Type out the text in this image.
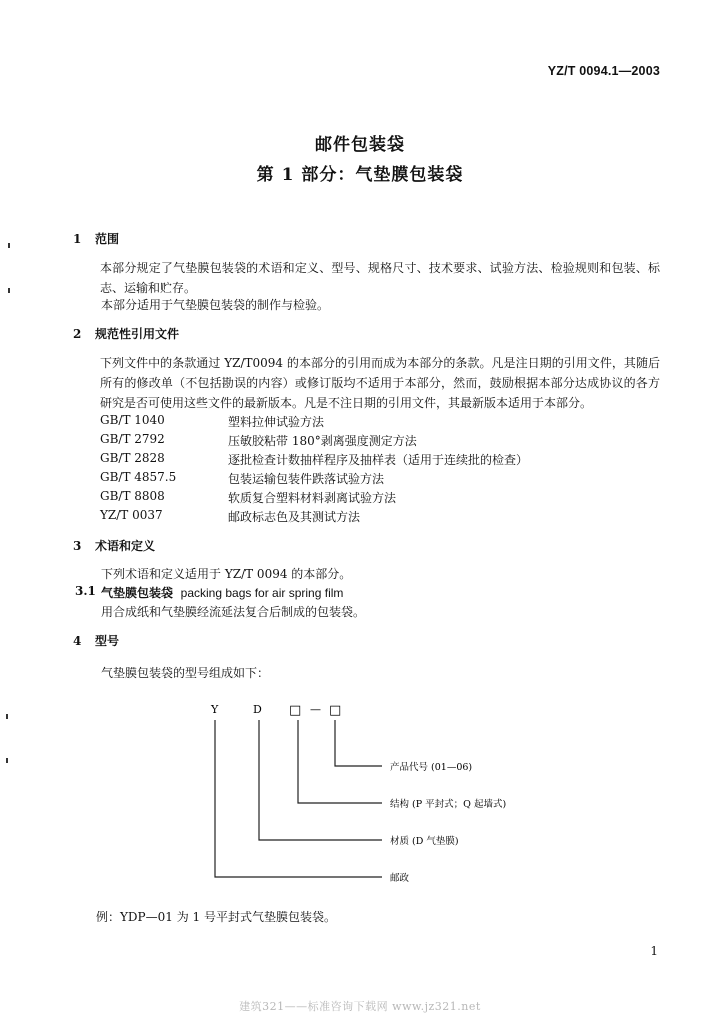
YZ/T 0094.1—2003
邮件包装袋
第 1 部分：气垫膜包装袋
1 范围
本部分规定了气垫膜包装袋的术语和定义、型号、规格尺寸、技术要求、试验方法、检验规则和包装、标志、运输和贮存。
本部分适用于气垫膜包装袋的制作与检验。
2 规范性引用文件
下列文件中的条款通过 YZ/T0094 的本部分的引用而成为本部分的条款。凡是注日期的引用文件，其随后所有的修改单（不包括勘误的内容）或修订版均不适用于本部分，然而，鼓励根据本部分达成协议的各方研究是否可使用这些文件的最新版本。凡是不注日期的引用文件，其最新版本适用于本部分。
GB/T 1040	塑料拉伸试验方法
GB/T 2792	压敏胶粘带 180°剥离强度测定方法
GB/T 2828	逐批检查计数抽样程序及抽样表（适用于连续批的检查）
GB/T 4857.5	包装运输包装件跌落试验方法
GB/T 8808	软质复合塑料材料剥离试验方法
YZ/T 0037	邮政标志色及其测试方法
3 术语和定义
下列术语和定义适用于 YZ/T 0094 的本部分。
3.1 气垫膜包装袋 packing bags for air spring film
用合成纸和气垫膜经流延法复合后制成的包装袋。
4 型号
气垫膜包装袋的型号组成如下：
Y	D □ — □
产品代号 (01—06)
结构 (P 平封式；Q 起墙式)
材质 (D 气垫膜)
邮政
例：YDP—01 为 1 号平封式气垫膜包装袋。
1
建筑321——标准咨询下载网 www.jz321.net
